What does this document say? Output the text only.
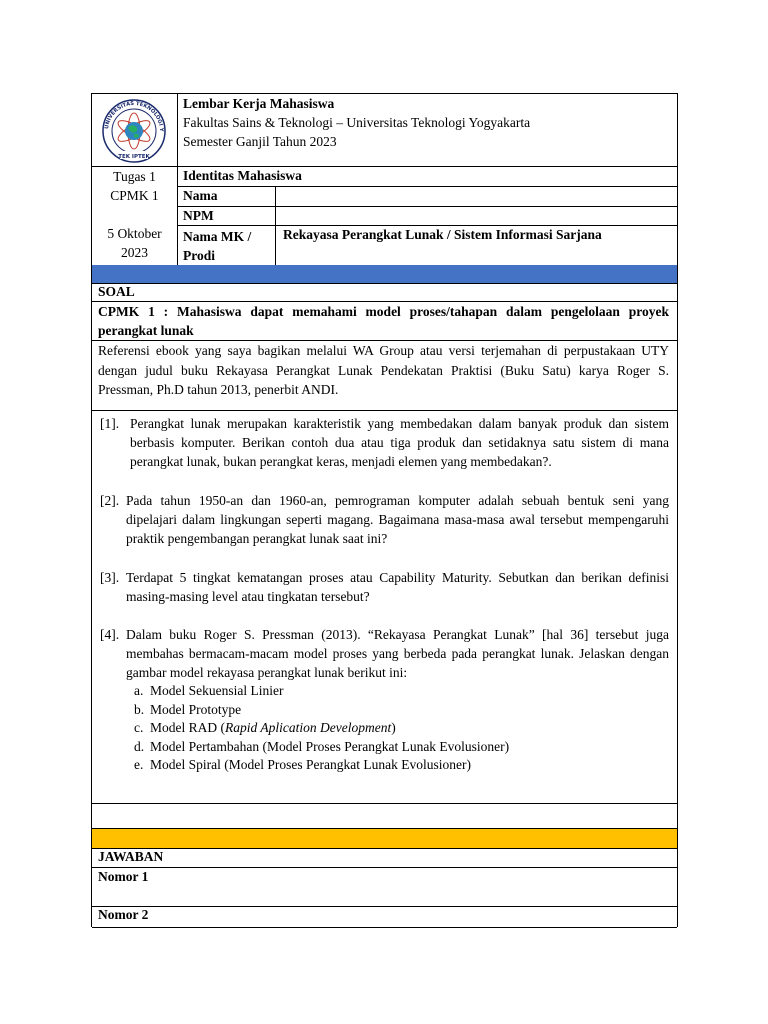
UNIVERSITAS TEKNOLOGI Y
TEK IPTEK
Lembar Kerja Mahasiswa
Fakultas Sains & Teknologi – Universitas Teknologi Yogyakarta
Semester Ganjil Tahun 2023
Tugas 1
CPMK 1
5 Oktober
2023
Identitas Mahasiswa
Nama
NPM
Nama MK /
Prodi
Rekayasa Perangkat Lunak / Sistem Informasi Sarjana
SOAL
CPMK 1 : Mahasiswa dapat memahami model proses/tahapan dalam pengelolaan proyek perangkat lunak
Referensi ebook yang saya bagikan melalui WA Group atau versi terjemahan di perpustakaan UTY dengan judul buku Rekayasa Perangkat Lunak Pendekatan Praktisi (Buku Satu) karya Roger S. Pressman, Ph.D tahun 2013, penerbit ANDI.
[1]. Perangkat lunak merupakan karakteristik yang membedakan dalam banyak produk dan sistem berbasis komputer. Berikan contoh dua atau tiga produk dan setidaknya satu sistem di mana perangkat lunak, bukan perangkat keras, menjadi elemen yang membedakan?.
[2]. Pada tahun 1950-an dan 1960-an, pemrograman komputer adalah sebuah bentuk seni yang dipelajari dalam lingkungan seperti magang. Bagaimana masa-masa awal tersebut mempengaruhi praktik pengembangan perangkat lunak saat ini?
[3]. Terdapat 5 tingkat kematangan proses atau Capability Maturity. Sebutkan dan berikan definisi masing-masing level atau tingkatan tersebut?
[4]. Dalam buku Roger S. Pressman (2013). “Rekayasa Perangkat Lunak” [hal 36] tersebut juga membahas bermacam-macam model proses yang berbeda pada perangkat lunak. Jelaskan dengan gambar model rekayasa perangkat lunak berikut ini:
a. Model Sekuensial Linier
b. Model Prototype
c. Model RAD (Rapid Aplication Development)
d. Model Pertambahan (Model Proses Perangkat Lunak Evolusioner)
e. Model Spiral (Model Proses Perangkat Lunak Evolusioner)
JAWABAN
Nomor 1
Nomor 2
